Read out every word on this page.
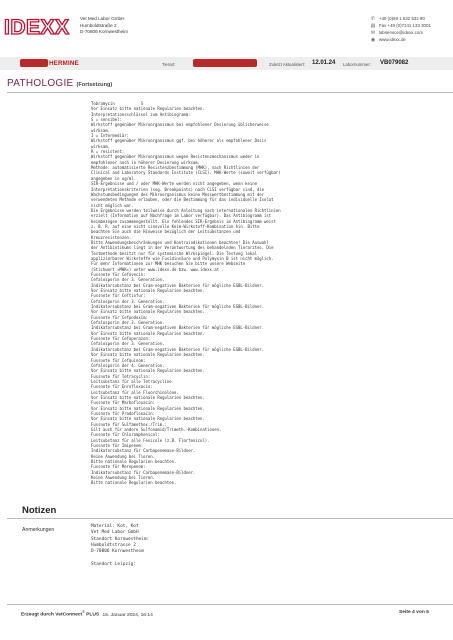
IDEXX Vet Med Labor GmbH
Humboldtstraße 2
D-70806 Kornwestheim
✆ +49 (0)69 1 532 532 90
▤ Fax +49 (0)7141 133 3001
✉ labservice@idexx.com
◉ www.idexx.de
HERMINE	Tierart:	Zuletzt Aktualisiert: 12.01.24 Labornummer: VB079082
PATHOLOGIE (Fortsetzung)
Tobramycin           S
Vor Einsatz bitte nationale Regularien beachten.
Interpretationsschlüssel zum Antibiogramm:
S = sensibel:
Wirkstoff gegenüber Mikroorganismus bei empfohlener Dosierung üblicherweise
wirksam.
I = Intermediär:
Wirkstoff gegenüber Mikroorganismus ggf. bei höherer als empfohlener Dosis
wirksam.
R = resistent:
Wirkstoff gegenüber Mikroorganismus wegen Resistenzmechanismus weder in
empfohlener noch in höherer Dosierung wirksam.
Methode: automatisierte Resistenzbestimmung (MHK), nach Richtlinien der
Clinical and Laboratory Standards Institute (CLSI). MHK-Werte (soweit verfügbar)
angegeben in ug/ml.
SIR-Ergebnisse und / oder MHK-Werte werden nicht angegeben, wenn keine
Interpretationskriterien (sog. Breakpoints) nach CLSI verfügbar sind, die
Wachstumsbedingungen des Mikroorganismus keine Messwertbestimmung mit der
verwendeten Methode erlauben, oder die Bestimmung für das individuelle Isolat
nicht möglich war.
Die Ergebnisse werden teilweise durch Anleitung nach internationalen Richtlinien
erzielt (Information auf Nachfrage im Labor verfügbar). Das Antibiogramm ist
keimbezogen zusammengestellt. Ein fehlendes SIR-Ergebnis im Antibiogramm weist
z. B. R, auf eine nicht sinnvolle Keim-Wirkstoff-Kombination hin. Bitte
beachten Sie auch die Hinweise bezüglich der Leitsubstanzen und
Kreuzresistenzen.
Bitte Anwendungsbeschränkungen und Kontraindikationen beachten! Die Auswahl
der Antibiotikums liegt in der Verantwortung des behandelnden Tierarztes. Die
Testmethode besitzt nur für systemische Wirkspiegel. Die Testung lokal
applizierbarer Wirkstoffe wie Fusidinsäure und Polymyxin B ist nicht möglich.
Für mehr Informationen zur MHK besuchen Sie bitte unsere Webseite
(Stichwort »MHK«) unter www.idexx.de bzw. www.idexx.at .
Fussnote für Cefovecin:
Cefalosporin der 3. Generation.
Indikatorsubstanz bei Gram-negativen Bakterien für mögliche ESBL-Bildner.
Vor Einsatz bitte nationale Regularien beachten.
Fussnote für Ceftiofur:
Cefalosporin der 3. Generation.
Indikatorsubstanz bei Gram-negativen Bakterien für mögliche ESBL-Bildner.
Vor Einsatz bitte nationale Regularien beachten.
Fussnote für Cefpodoxim:
Cefalosporin der 3. Generation.
Indikatorsubstanz bei Gram-negativen Bakterien für mögliche ESBL-Bildner.
Vor Einsatz bitte nationale Regularien beachten.
Fussnote für Cefoperazon:
Cefalosporin der 3. Generation.
Indikatorsubstanz bei Gram-negativen Bakterien für mögliche ESBL-Bildner.
Vor Einsatz bitte nationale Regularien beachten.
Fussnote für Cefquinom:
Cefalosporin der 4. Generation.
Vor Einsatz bitte nationale Regularien beachten.
Fussnote für Tetracyclin:
Leitsubstanz für alle Tetracycline.
Fussnote für Enrofloxacin:
Leitsubstanz für alle Fluorchinolone.
Vor Einsatz bitte nationale Regularien beachten.
Fussnote für Marbofloxacin:
Vor Einsatz bitte nationale Regularien beachten.
Fussnote für Pradofloxacin:
Vor Einsatz bitte nationale Regularien beachten.
Fussnote für Sulfamethox./Trim.:
Gilt auch für andere Sulfonamid/Trimeth.-Kombinationen.
Fussnote für Chloramphenicol:
Leitsubstanz für alle Fenicole (z.B. Florfenicol).
Fussnote für Imipenem:
Indikatorsubstanz für Carbapenemase-Bildner.
Keine Anwendung bei Tieren.
Bitte nationale Regularien beachten.
Fussnote für Meropenem:
Indikatorsubstanz für Carbapenemase-Bildner.
Keine Anwendung bei Tieren.
Bitte nationale Regularien beachten.
Notizen
Anmerkungen
Material: Kot, Kot
Vet Med Labor GmbH
Standort Kornwestheim:
Humboldtstrasse 2
D-70806 Kornwestheim

Standort Leipzig:
Erzeugt durch VetConnect® PLUS 15. Januar 2024, 16:14
Seite 4 von 5
